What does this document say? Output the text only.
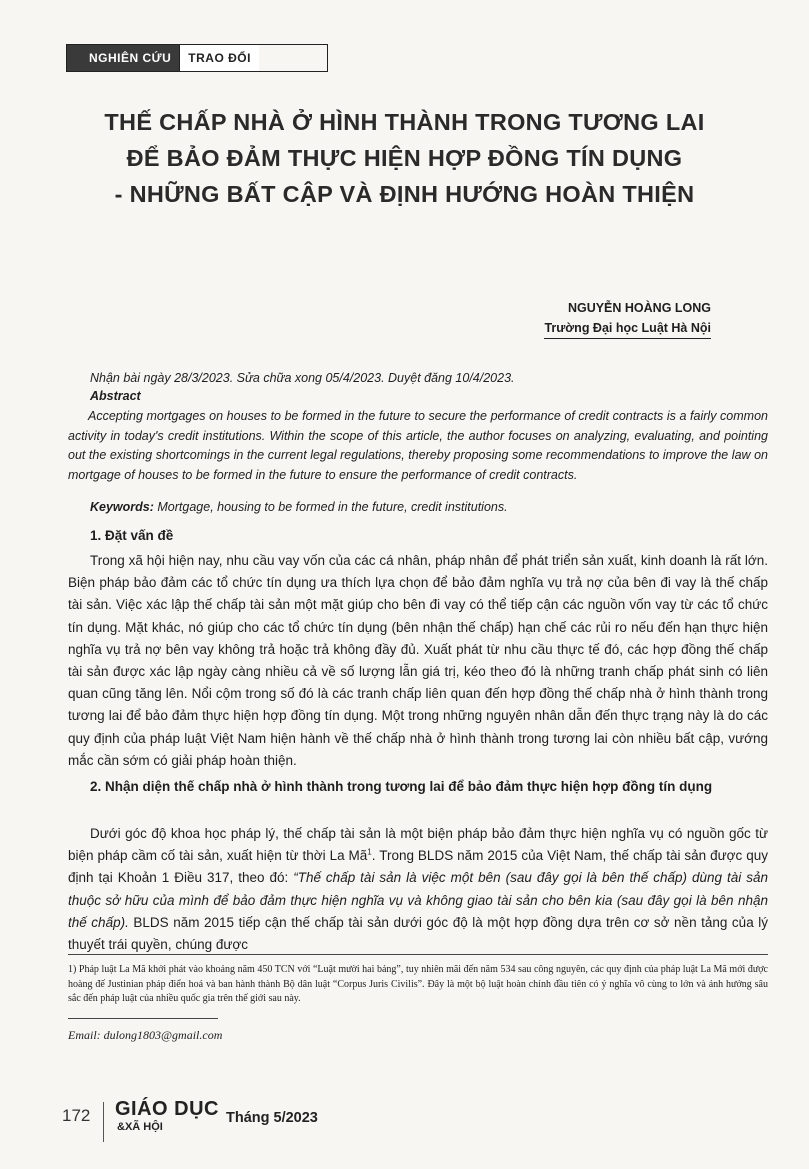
NGHIÊN CỨU	TRAO ĐỔI
THẾ CHẤP NHÀ Ở HÌNH THÀNH TRONG TƯƠNG LAI
ĐỂ BẢO ĐẢM THỰC HIỆN HỢP ĐỒNG TÍN DỤNG
- NHỮNG BẤT CẬP VÀ ĐỊNH HƯỚNG HOÀN THIỆN
NGUYỄN HOÀNG LONG
Trường Đại học Luật Hà Nội
Nhận bài ngày 28/3/2023. Sửa chữa xong 05/4/2023. Duyệt đăng 10/4/2023.
Abstract

Accepting mortgages on houses to be formed in the future to secure the performance of credit contracts is a fairly common activity in today's credit institutions. Within the scope of this article, the author focuses on analyzing, evaluating, and pointing out the existing shortcomings in the current legal regulations, thereby proposing some recommendations to improve the law on mortgage of houses to be formed in the future to ensure the performance of credit contracts.

Keywords: Mortgage, housing to be formed in the future, credit institutions.
1. Đặt vấn đề

Trong xã hội hiện nay, nhu cầu vay vốn của các cá nhân, pháp nhân để phát triển sản xuất, kinh doanh là rất lớn. Biện pháp bảo đảm các tổ chức tín dụng ưa thích lựa chọn để bảo đảm nghĩa vụ trả nợ của bên đi vay là thế chấp tài sản. Việc xác lập thế chấp tài sản một mặt giúp cho bên đi vay có thể tiếp cận các nguồn vốn vay từ các tổ chức tín dụng. Mặt khác, nó giúp cho các tổ chức tín dụng (bên nhận thế chấp) hạn chế các rủi ro nếu đến hạn thực hiện nghĩa vụ trả nợ bên vay không trả hoặc trả không đầy đủ. Xuất phát từ nhu cầu thực tế đó, các hợp đồng thế chấp tài sản được xác lập ngày càng nhiều cả về số lượng lẫn giá trị, kéo theo đó là những tranh chấp phát sinh có liên quan cũng tăng lên. Nổi cộm trong số đó là các tranh chấp liên quan đến hợp đồng thế chấp nhà ở hình thành trong tương lai để bảo đảm thực hiện hợp đồng tín dụng. Một trong những nguyên nhân dẫn đến thực trạng này là do các quy định của pháp luật Việt Nam hiện hành về thế chấp nhà ở hình thành trong tương lai còn nhiều bất cập, vướng mắc cần sớm có giải pháp hoàn thiện.

2. Nhận diện thế chấp nhà ở hình thành trong tương lai để bảo đảm thực hiện hợp đồng tín dụng

Dưới góc độ khoa học pháp lý, thế chấp tài sản là một biện pháp bảo đảm thực hiện nghĩa vụ có nguồn gốc từ biện pháp cầm cố tài sản, xuất hiện từ thời La $Mã^1$. Trong BLDS năm 2015 của Việt Nam, thế chấp tài sản được quy định tại Khoản 1 Điều 317, theo đó: “Thế chấp tài sản là việc một bên (sau đây gọi là bên thế chấp) dùng tài sản thuộc sở hữu của mình để bảo đảm thực hiện nghĩa vụ và không giao tài sản cho bên kia (sau đây gọi là bên nhận thế chấp). BLDS năm 2015 tiếp cận thế chấp tài sản dưới góc độ là một hợp đồng dựa trên cơ sở nền tảng của lý thuyết trái quyền, chúng được

1) Pháp luật La Mã khởi phát vào khoảng năm 450 TCN với “Luật mười hai bảng”, tuy nhiên mãi đến năm 534 sau công nguyên, các quy định của pháp luật La Mã mới được hoàng đế Justinian pháp điển hoá và ban hành thành Bộ dân luật “Corpus Juris Civilis”. Đây là một bộ luật hoàn chỉnh đầu tiên có ý nghĩa vô cùng to lớn và ảnh hưởng sâu sắc đến pháp luật của nhiều quốc gia trên thế giới sau này.

Email: dulong1803@gmail.com
172 GIÁO DỤC
&XÃ HỘI
Tháng 5/2023
